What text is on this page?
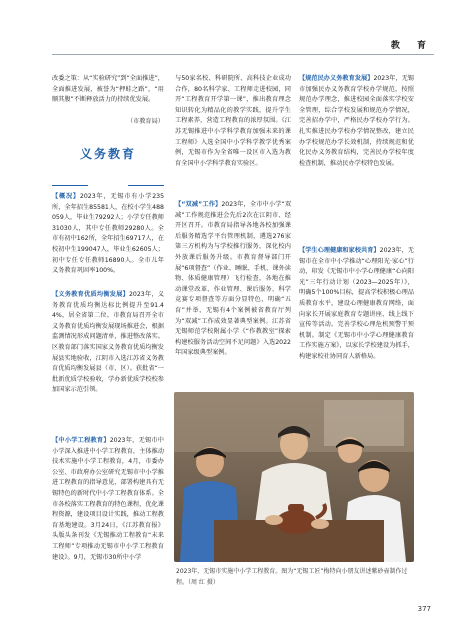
教 育

改委之策：从“实验研究”到“全面推进”，全面推进发展，被誉为“押蛙之路”，“用顺其腹”不断释放活力的持续优发展。

（市教育局）

义务教育

【概况】2023年，无锡市有小学235所，全年招生85581人，在校小学生488059人，毕业生79292人；小学专任教师31030人，其中专任教师29280人。全市有初中162所，全年招生69717人，在校初中生199047人，毕业生62605人；初中专任专任教师16890人。全市儿年义务教育巩固率100%。

【义务教育优质均衡发展】2023年，义务教育优质均衡达标比例提升至91.44%，居全省第二位。市教育局召开全市义务教育优质均衡发展现场推进会，根据监测情况形成问题清单，推进整改落实。区教育部门落实国家义务教育优质均衡发展县实地验收，江阴市入选江苏省义务教育优质均衡发展县（市、区）。获批省“一批新优质学校验收，学办新优质学校校参加国家示范引领。

【中小学工程教育】2023年，无锡市中小学深入推进中小学工程教育，主体推动技术实施中小学工程教育，4月，市委办公室、市政府办公室研究无锡市中小学推进工程教育的指导意见，部署构建具有无锡特色的新时代中小学工程教育体系。全市各校落实工程教育的特色课程，优化课程资源，建设项目设计实践，推动工程教育基地建设。3月24日，《江苏教育报》头版头条刊发《无锡推动工程教育“未来工程师”专项推动无锡市中小学工程教育建设》。9月，无锡市30所中小学

与50家名校、科研院所、高科技企业成功合作，80名科学家、工程师走进校园，同开“工程教育开学第一课”，推出教育理念知识转化为精品化的教学实践，提升学生工程素养，营造工程教育的浓厚氛围。《江苏无锡推进中小学科学教育加强未来的课工程师》入选全国中小学科学教学优秀案例，无锡市作为全省唯一设区市入选为教育全国中小学科学教育实验区。

【“双减”工作】2023年，全市中小学“双减”工作规范推进会先后2次在江阴市、经开区召开。市教育局指导各地各校加强课后服务精选学平台管理机制，遴选276家第三方机构为与学校推行服务，深化校内外放课后服务升级。市教育督导部门开展“6项督查”（作业、睡眠、手机、课外读物、体质健康管理）飞行检查，各地在推动课堂改革、作业管理、课后服务、科学竞赛专项督查等方面分显特色，明确“五育”并举，无锡有4个案例被省教育厅列为“双减”工作成效显著典型案例。江苏省无锡师范学校附属小学《“作教教室”探索构建校服务活动空间不足问题》入选2022年国家级典型案例。

【规范民办义务教育发展】2023年，无锡市加强民办义务教育学校办学规范，按照规范办学理念，推进校园全面落实学校安全管理，综合学校发展和规范办学情况，完善招办学中，严格民办学校办学行为。扎实推进民办学校办学情况整改，建立民办学校规范办学长效机制，持续规范和优化民办义务教育结构，完善民办学校年度检查机制，推动民办学校特色发展。

【学生心理健康和家校共育】2023年，无锡市在全市中小学推动“心理阳光·家心”行动，印发《无锡市中小学心理健康“心向阳光”三年行动计划（2023—2025年）》，明确5个100%目标，提高学校积极心理品质教育水平，建设心理健康教育网络，面向家长开展家庭教育专题讲座、线上线下宣传等活动。完善学校心理危机预警干预机制。制定《无锡市中小学心理健康教育工作实施方案》，以家长学校建设为抓手，构建家校社协同育人新格局。

2023年，无锡市实施中小学工程教育。图为“无锡工匠”梅特向小朋友讲述紫砂壶制作过程。（周 红 摄）
377
